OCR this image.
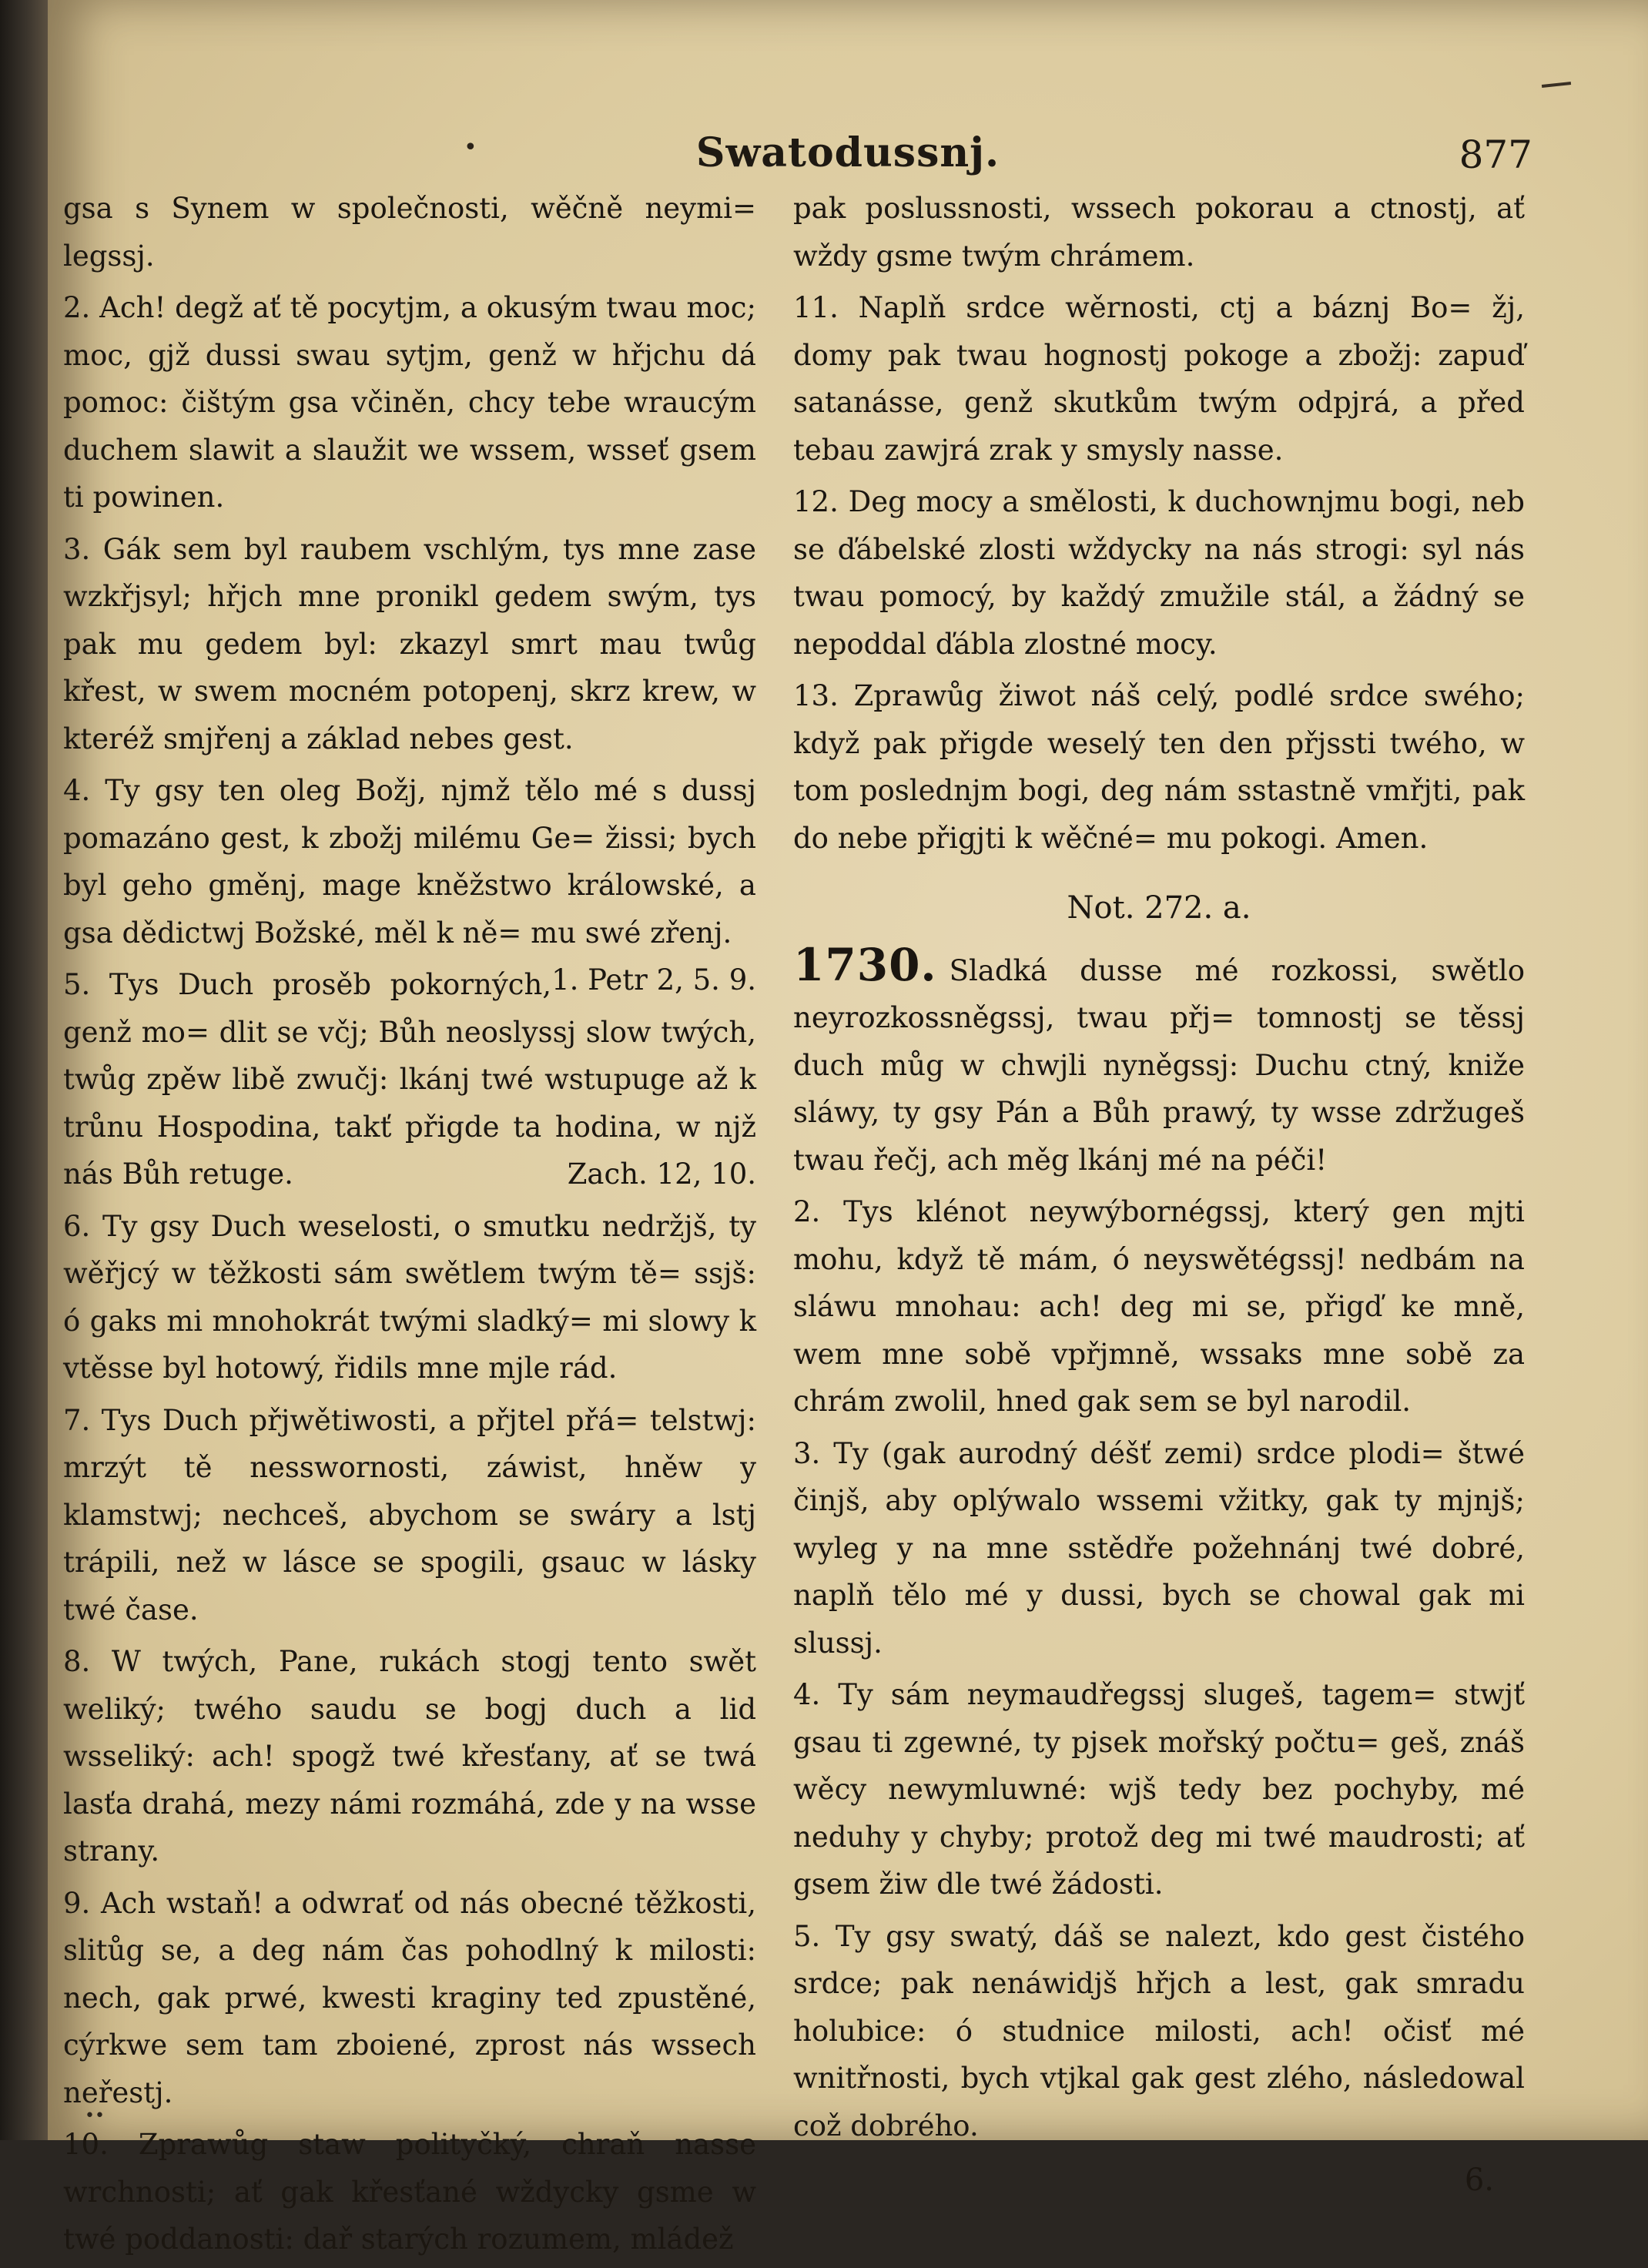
•	Swatodussnj.	877

gsa s Synem w společnosti, wěčně neymi= legssj.

2. Ach! degž ať tě pocytjm, a okusým twau moc; moc, gjž dussi swau sytjm, genž w hřjchu dá pomoc: čištým gsa včiněn, chcy tebe wraucým duchem slawit a slaužit we wssem, wsseť gsem ti powinen.

3. Gák sem byl raubem vschlým, tys mne zase wzkřjsyl; hřjch mne pronikl gedem swým, tys pak mu gedem byl: zkazyl smrt mau twůg křest, w swem mocném potopenj, skrz krew, w kteréž smjřenj a základ nebes gest.

4. Ty gsy ten oleg Božj, njmž tělo mé s dussj pomazáno gest, k zbožj milému Ge= žissi; bych byl geho gměnj, mage kněžstwo králowské, a gsa dědictwj Božské, měl k ně= mu swé zřenj.
1. Petr 2, 5. 9.

5. Tys Duch prosěb pokorných, genž mo= dlit se včj; Bůh neoslyssj slow twých, twůg zpěw libě zwučj: lkánj twé wstupuge až k trůnu Hospodina, takť přigde ta hodina, w njž nás Bůh retuge.	Zach. 12, 10.

6. Ty gsy Duch weselosti, o smutku nedržjš, ty wěřjcý w těžkosti sám swětlem twým tě= ssjš: ó gaks mi mnohokrát twými sladký= mi slowy k vtěsse byl hotowý, řidils mne mjle rád.

7. Tys Duch přjwětiwosti, a přjtel přá= telstwj: mrzýt tě nesswornosti, záwist, hněw y klamstwj; nechceš, abychom se swáry a lstj trápili, než w lásce se spogili, gsauc w lásky twé čase.

8. W twých, Pane, rukách stogj tento swět weliký; twého saudu se bogj duch a lid wsseliký: ach! spogž twé křesťany, ať se twá lasťa drahá, mezy námi rozmáhá, zde y na wsse strany.

9. Ach wstaň! a odwrať od nás obecné těžkosti, slitůg se, a deg nám čas pohodlný k milosti: nech, gak prwé, kwesti kraginy ted zpustěné, cýrkwe sem tam zboiené, zprost nás wssech neřestj.

10. Zprawůg staw polityčký, chraň nasse wrchnosti; ať gak křesťané wždycky gsme w twé poddanosti: dař starých rozumem, mládež

pak poslussnosti, wssech pokorau a ctnostj, ať wždy gsme twým chrámem.

11. Naplň srdce wěrnosti, ctj a báznj Bo= žj, domy pak twau hognostj pokoge a zbožj: zapuď satanásse, genž skutkům twým odpjrá, a před tebau zawjrá zrak y smysly nasse.

12. Deg mocy a smělosti, k duchownjmu bogi, neb se ďábelské zlosti wždycky na nás strogi: syl nás twau pomocý, by každý zmužile stál, a žádný se nepoddal ďábla zlostné mocy.

13. Zprawůg žiwot náš celý, podlé srdce swého; když pak přigde weselý ten den přjssti twého, w tom poslednjm bogi, deg nám sstastně vmřjti, pak do nebe přigjti k wěčné= mu pokogi. Amen.

Not. 272. a.

1730. Sladká dusse mé rozkossi, swětlo neyrozkossněgssj, twau přj= tomnostj se těssj duch můg w chwjli nyněgssj: Duchu ctný, kniže sláwy, ty gsy Pán a Bůh prawý, ty wsse zdržugeš twau řečj, ach měg lkánj mé na péči!

2. Tys klénot neywýbornégssj, který gen mjti mohu, když tě mám, ó neyswětégssj! nedbám na sláwu mnohau: ach! deg mi se, přigď ke mně, wem mne sobě vpřjmně, wssaks mne sobě za chrám zwolil, hned gak sem se byl narodil.

3. Ty (gak aurodný déšť zemi) srdce plodi= štwé činjš, aby oplýwalo wssemi vžitky, gak ty mjnjš; wyleg y na mne sstědře požehnánj twé dobré, naplň tělo mé y dussi, bych se chowal gak mi slussj.

4. Ty sám neymaudřegssj slugeš, tagem= stwjť gsau ti zgewné, ty pjsek mořský počtu= geš, znáš wěcy newymluwné: wjš tedy bez pochyby, mé neduhy y chyby; protož deg mi twé maudrosti; ať gsem žiw dle twé žádosti.

5. Ty gsy swatý, dáš se nalezt, kdo gest čistého srdce; pak nenáwidjš hřjch a lest, gak smradu holubice: ó studnice milosti, ach! očisť mé wnitřnosti, bych vtjkal gak gest zlého, následowal což dobrého.

6.
••
